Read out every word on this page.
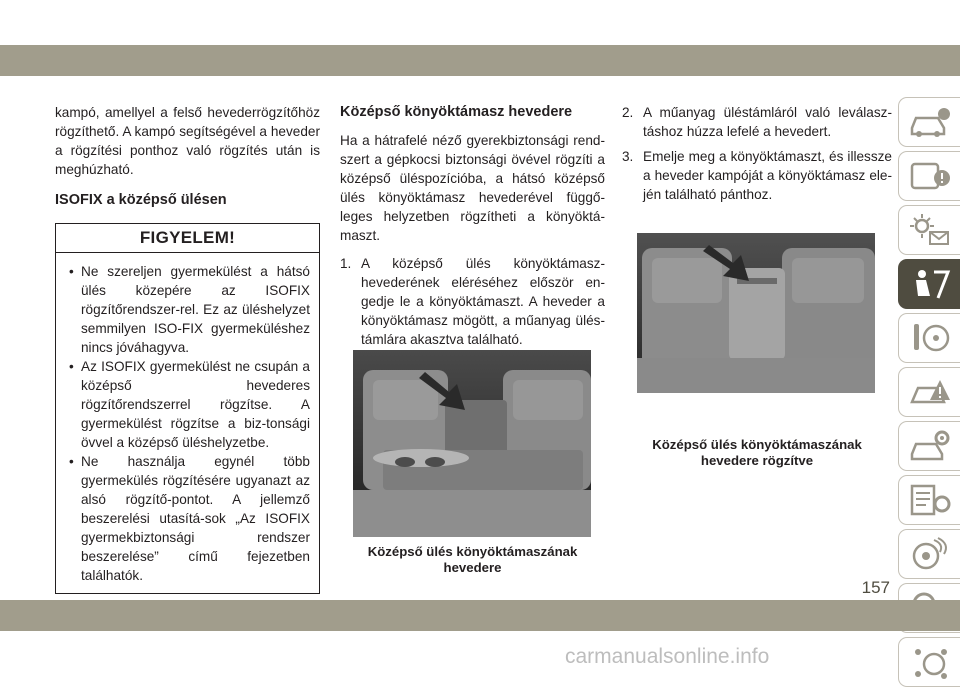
kampó, amellyel a felső hevederrögzítőhöz rögzíthető. A kampó segítségével a heveder a rögzítési ponthoz való rögzítés után is meghúzható.

ISOFIX a középső ülésen
FIGYELEM!
• Ne szereljen gyermekülést a hátsó ülés közepére az ISOFIX rögzítőrendszer-rel. Ez az üléshelyzet semmilyen ISO-FIX gyermeküléshez nincs jóváhagyva.
• Az ISOFIX gyermekülést ne csupán a középső hevederes rögzítőrendszerrel rögzítse. A gyermekülést rögzítse a biz-tonsági övvel a középső üléshelyzetbe.
• Ne használja egynél több gyermekülés rögzítésére ugyanazt az alsó rögzítő-pontot. A jellemző beszerelési utasítá-sok „Az ISOFIX gyermekbiztonsági rendszer beszerelése” című fejezetben találhatók.
Középső könyöktámasz hevedere

Ha a hátrafelé néző gyerekbiztonsági rend-szert a gépkocsi biztonsági övével rögzíti a középső üléspozícióba, a hátsó középső ülés könyöktámasz hevederével függő-leges helyzetben rögzítheti a könyöktá-maszt.

1. A középső ülés könyöktámasz-hevederének eléréséhez először en-gedje le a könyöktámaszt. A heveder a könyöktámasz mögött, a műanyag ülés-támlára akasztva található.
Középső ülés könyöktámaszának hevedere
2. A műanyag üléstámláról való leválasz-táshoz húzza lefelé a hevedert.
3. Emelje meg a könyöktámaszt, és illessze a heveder kampóját a könyöktámasz ele-jén található pánthoz.
Középső ülés könyöktámaszának hevedere rögzítve
157
carmanualsonline.info
